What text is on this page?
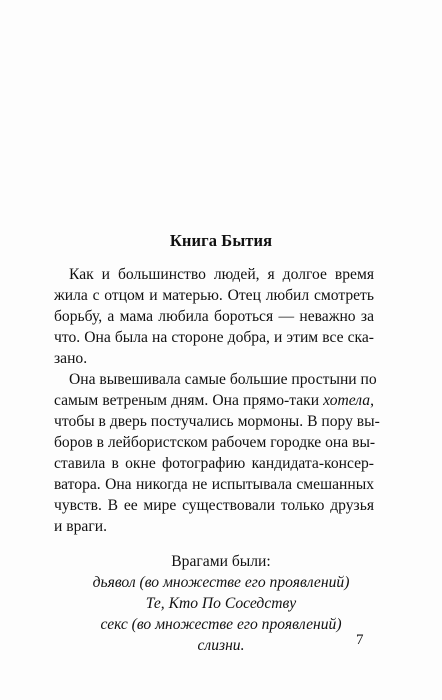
Книга Бытия
Как и большинство людей, я долгое время
жила с отцом и матерью. Отец любил смотреть
борьбу, а мама любила бороться — неважно за
что. Она была на стороне добра, и этим все ска-
зано.
Она вывешивала самые большие простыни по
самым ветреным дням. Она прямо-таки хотела,
чтобы в дверь постучались мормоны. В пору вы-
боров в лейбористском рабочем городке она вы-
ставила в окне фотографию кандидата-консер-
ватора. Она никогда не испытывала смешанных
чувств. В ее мире существовали только друзья
и враги.
Врагами были:
дьявол (во множестве его проявлений)
Те, Кто По Соседству
секс (во множестве его проявлений)
слизни.	7
